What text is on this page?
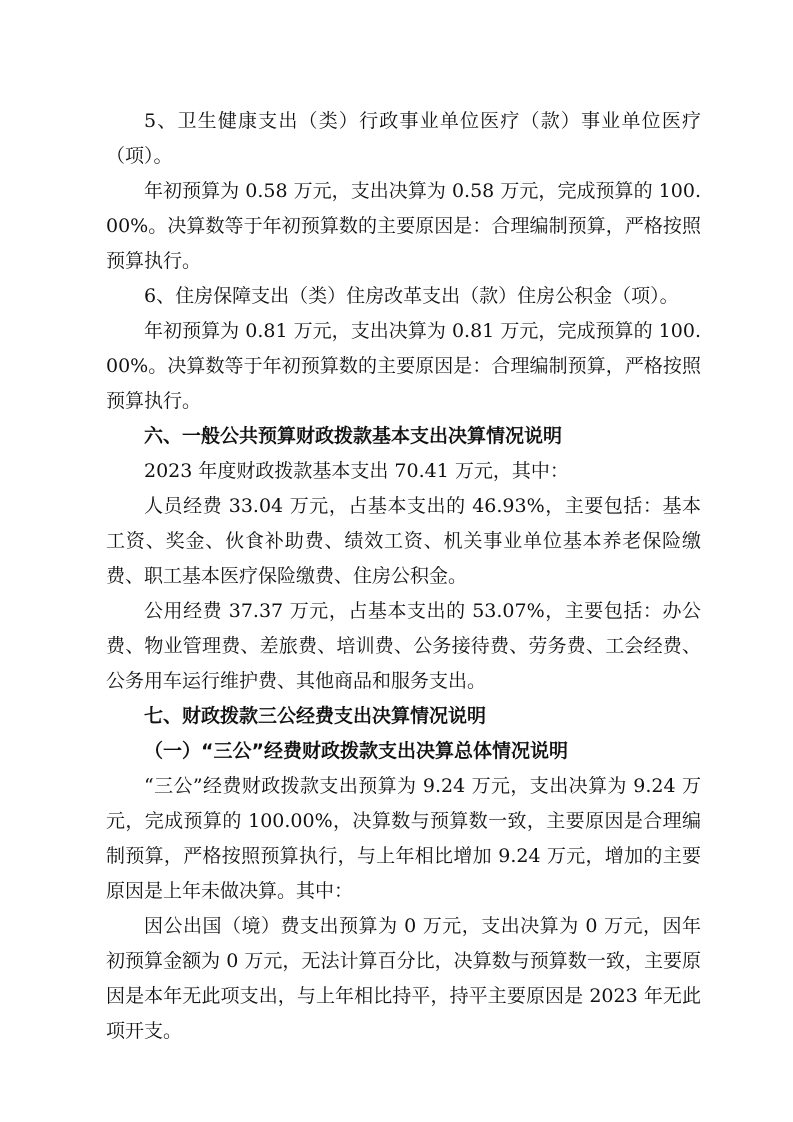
5、卫生健康支出（类）行政事业单位医疗（款）事业单位医疗（项）。

年初预算为 0.58 万元，支出决算为 0.58 万元，完成预算的 100.00%。决算数等于年初预算数的主要原因是：合理编制预算，严格按照预算执行。

6、住房保障支出（类）住房改革支出（款）住房公积金（项）。

年初预算为 0.81 万元，支出决算为 0.81 万元，完成预算的 100.00%。决算数等于年初预算数的主要原因是：合理编制预算，严格按照预算执行。

六、一般公共预算财政拨款基本支出决算情况说明

2023 年度财政拨款基本支出 70.41 万元，其中：

人员经费 33.04 万元，占基本支出的 46.93%，主要包括：基本工资、奖金、伙食补助费、绩效工资、机关事业单位基本养老保险缴费、职工基本医疗保险缴费、住房公积金。

公用经费 37.37 万元，占基本支出的 53.07%，主要包括：办公费、物业管理费、差旅费、培训费、公务接待费、劳务费、工会经费、公务用车运行维护费、其他商品和服务支出。

七、财政拨款三公经费支出决算情况说明

（一）“三公”经费财政拨款支出决算总体情况说明

“三公”经费财政拨款支出预算为 9.24 万元，支出决算为 9.24 万元，完成预算的 100.00%，决算数与预算数一致，主要原因是合理编制预算，严格按照预算执行，与上年相比增加 9.24 万元，增加的主要原因是上年未做决算。其中：

因公出国（境）费支出预算为 0 万元，支出决算为 0 万元，因年初预算金额为 0 万元，无法计算百分比，决算数与预算数一致，主要原因是本年无此项支出，与上年相比持平，持平主要原因是 2023 年无此项开支。
